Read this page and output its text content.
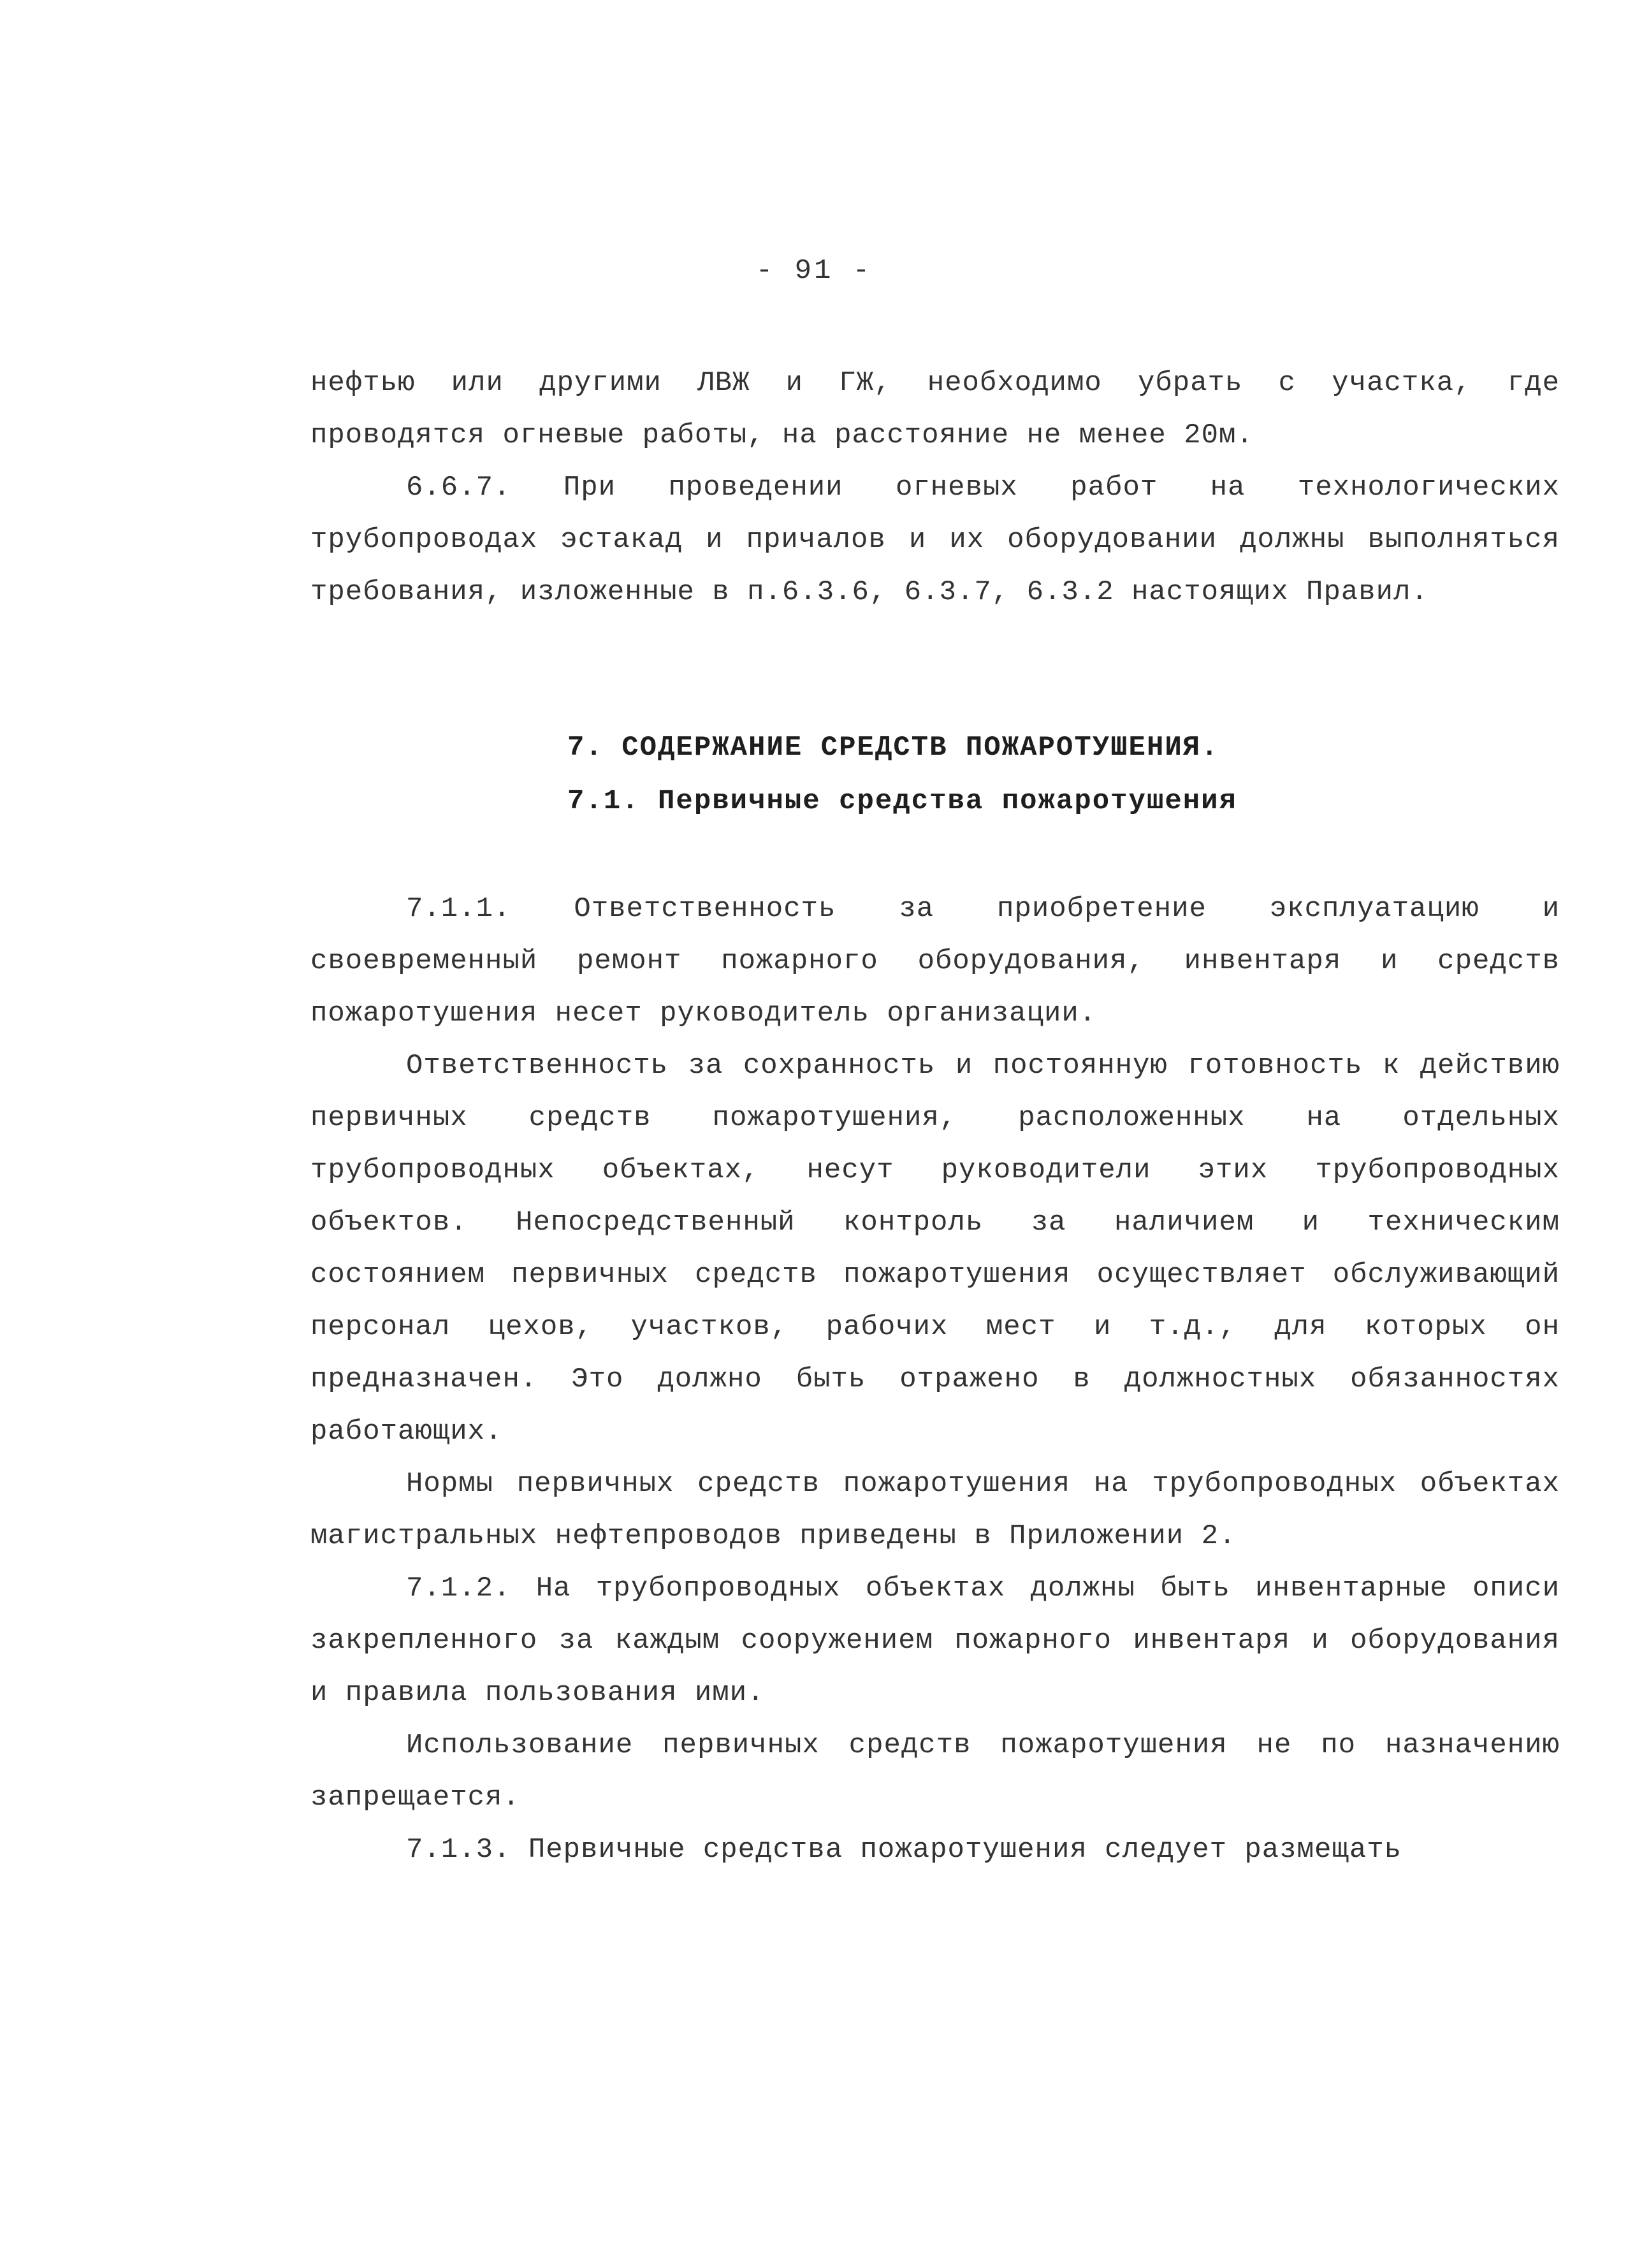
- 91 -

нефтью или другими ЛВЖ и ГЖ, необходимо убрать с участка, где проводятся огневые работы, на расстояние не менее 20м.

6.6.7. При проведении огневых работ на технологических трубопроводах эстакад и причалов и их оборудовании должны выполняться требования, изложенные в п.6.3.6, 6.3.7, 6.3.2 настоящих Правил.

7. СОДЕРЖАНИЕ СРЕДСТВ ПОЖАРОТУШЕНИЯ.
7.1. Первичные средства пожаротушения

7.1.1. Ответственность за приобретение эксплуатацию и своевременный ремонт пожарного оборудования, инвентаря и средств пожаротушения несет руководитель организации.

Ответственность за сохранность и постоянную готовность к действию первичных средств пожаротушения, расположенных на отдельных трубопроводных объектах, несут руководители этих трубопроводных объектов. Непосредственный контроль за наличием и техническим состоянием первичных средств пожаротушения осуществляет обслуживающий персонал цехов, участков, рабочих мест и т.д., для которых он предназначен. Это должно быть отражено в должностных обязанностях работающих.

Нормы первичных средств пожаротушения на трубопроводных объектах магистральных нефтепроводов приведены в Приложении 2.

7.1.2. На трубопроводных объектах должны быть инвентарные описи закрепленного за каждым сооружением пожарного инвентаря и оборудования и правила пользования ими.

Использование первичных средств пожаротушения не по назначению запрещается.

7.1.3. Первичные средства пожаротушения следует размещать
